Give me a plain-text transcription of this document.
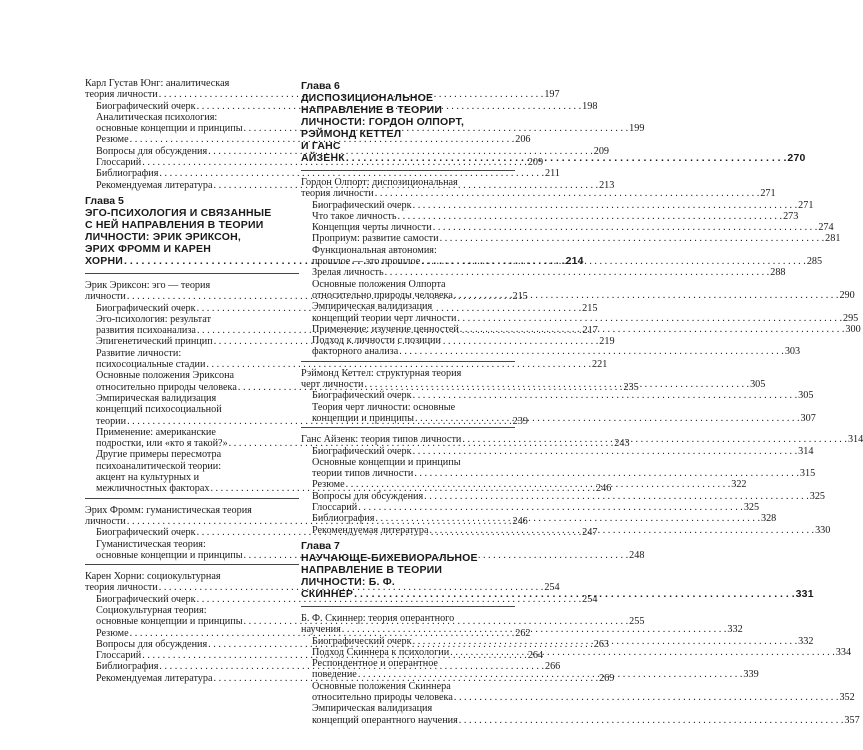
Карл Густав Юнг: аналитическая
теория личности . . .	197
Биографический очерк . . .	198
Аналитическая психология:
основные концепции и принципы . . .	199
Резюме . . .	206
Вопросы для обсуждения . . .	209
Глоссарий . . .	209
Библиография . . .	211
Рекомендуемая литература . . .	213
Глава 5
ЭГО-ПСИХОЛОГИЯ И СВЯЗАННЫЕ
С НЕЙ НАПРАВЛЕНИЯ В ТЕОРИИ
ЛИЧНОСТИ: ЭРИК ЭРИКСОН,
ЭРИХ ФРОММ И КАРЕН ХОРНИ . . .	214
Эрик Эриксон: эго — теория
личности . . .	215
Биографический очерк . . .	215
Эго-психология: результат
развития психоанализа . . .	217
Эпигенетический принцип . . .	219
Развитие личности:
психосоциальные стадии . . .	221
Основные положения Эриксона
относительно природы человека . . .	235
Эмпирическая валидизация
концепций психосоциальной
теории . . .	239
Применение: американские
подростки, или «кто я такой?» . . .	243
Другие примеры пересмотра
психоаналитической теории:
акцент на культурных и
межличностных факторах . . .	246
Эрих Фромм: гуманистическая теория
личности . . .	246
Биографический очерк . . .	247
Гуманистическая теория:
основные концепции и принципы . . .	248
Карен Хорни: социокультурная
теория личности . . .	254
Биографический очерк . . .	254
Социокультурная теория:
основные концепции и принципы . . .	255
Резюме . . .	262
Вопросы для обсуждения . . .	263
Глоссарий . . .	264
Библиография . . .	266
Рекомендуемая литература . . .	269
Глава 6
ДИСПОЗИЦИОНАЛЬНОЕ
НАПРАВЛЕНИЕ В ТЕОРИИ
ЛИЧНОСТИ: ГОРДОН ОЛПОРТ,
РЭЙМОНД КЕТТЕЛ
И ГАНС АЙЗЕНК . . .	270
Гордон Олпорт: диспозициональная
теория личности . . .	271
Биографический очерк . . .	271
Что такое личность . . .	273
Концепция черты личности . . .	274
Проприум: развитие самости . . .	281
Функциональная автономия:
прошлое — это прошлое . . .	285
Зрелая личность . . .	288
Основные положения Олпорта
относительно природы человека . . .	290
Эмпирическая валидизация
концепций теории черт личности . . .	295
Применение: изучение ценностей . . .	300
Подход к личности с позиции
факторного анализа . . .	303
Рэймонд Кеттел: структурная теория
черт личности . . .	305
Биографический очерк . . .	305
Теория черт личности: основные
концепции и принципы . . .	307
Ганс Айзенк: теория типов личности . . .	314
Биографический очерк . . .	314
Основные концепции и принципы
теории типов личности . . .	315
Резюме . . .	322
Вопросы для обсуждения . . .	325
Глоссарий . . .	325
Библиография . . .	328
Рекомендуемая литература . . .	330
Глава 7
НАУЧАЮЩЕ-БИХЕВИОРАЛЬНОЕ
НАПРАВЛЕНИЕ В ТЕОРИИ
ЛИЧНОСТИ: Б. Ф. СКИННЕР . . .	331
Б. Ф. Скиннер: теория оперантного
научения . . .	332
Биографический очерк . . .	332
Подход Скиннера к психологии . . .	334
Респондентное и оперантное
поведение . . .	339
Основные положения Скиннера
относительно природы человека . . .	352
Эмпирическая валидизация
концепций оперантного научения . . .	357
